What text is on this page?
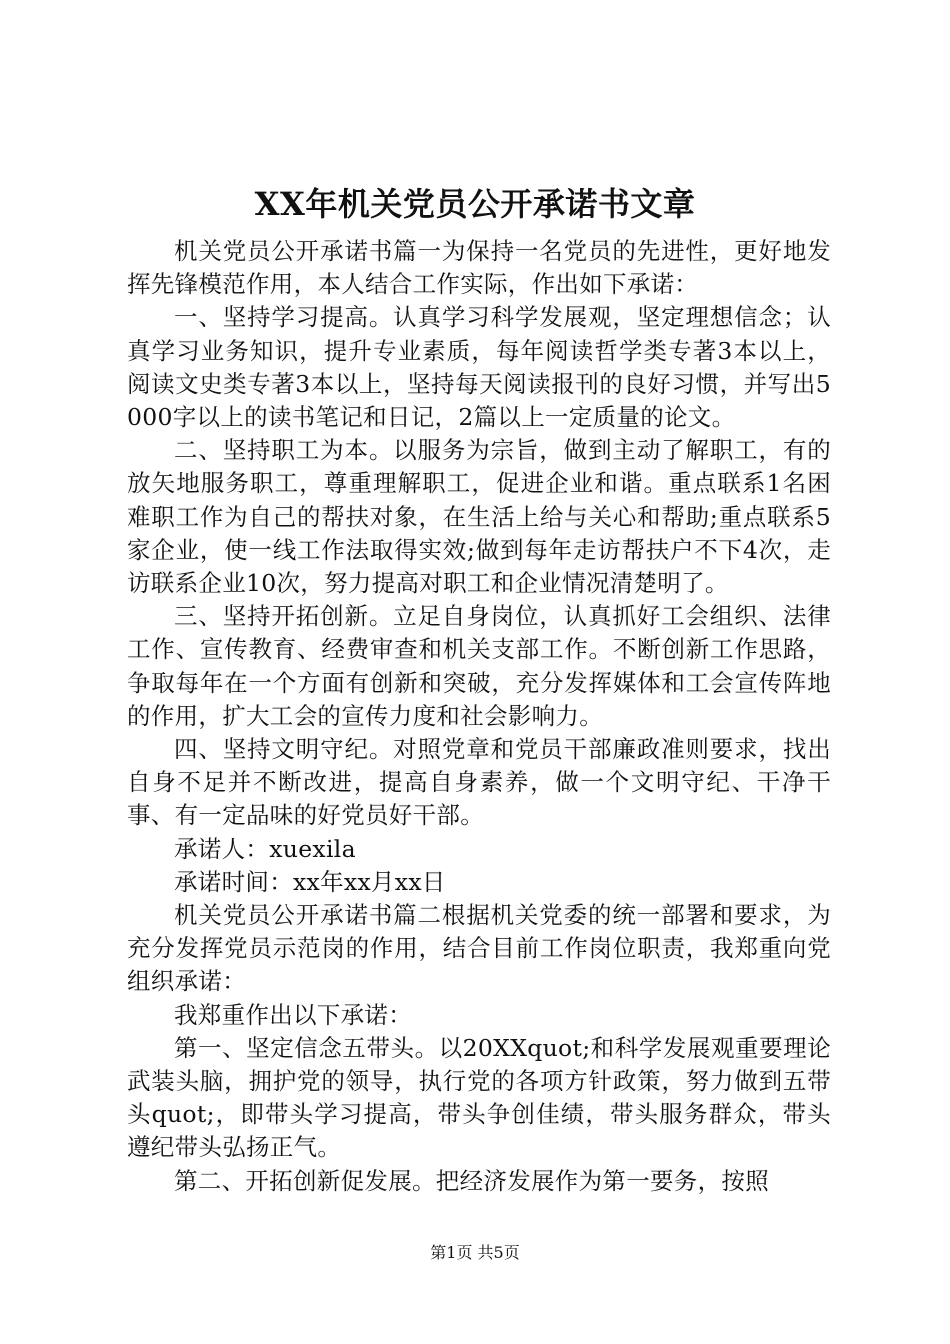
XX年机关党员公开承诺书文章

机关党员公开承诺书篇一为保持一名党员的先进性，更好地发挥先锋模范作用，本人结合工作实际，作出如下承诺：

一、坚持学习提高。认真学习科学发展观，坚定理想信念；认真学习业务知识，提升专业素质，每年阅读哲学类专著3本以上，阅读文史类专著3本以上，坚持每天阅读报刊的良好习惯，并写出5000字以上的读书笔记和日记，2篇以上一定质量的论文。

二、坚持职工为本。以服务为宗旨，做到主动了解职工，有的放矢地服务职工，尊重理解职工，促进企业和谐。重点联系1名困难职工作为自己的帮扶对象，在生活上给与关心和帮助;重点联系5家企业，使一线工作法取得实效;做到每年走访帮扶户不下4次，走访联系企业10次，努力提高对职工和企业情况清楚明了。

三、坚持开拓创新。立足自身岗位，认真抓好工会组织、法律工作、宣传教育、经费审查和机关支部工作。不断创新工作思路，争取每年在一个方面有创新和突破，充分发挥媒体和工会宣传阵地的作用，扩大工会的宣传力度和社会影响力。

四、坚持文明守纪。对照党章和党员干部廉政准则要求，找出自身不足并不断改进，提高自身素养，做一个文明守纪、干净干事、有一定品味的好党员好干部。

承诺人：xuexila

承诺时间：xx年xx月xx日

机关党员公开承诺书篇二根据机关党委的统一部署和要求，为充分发挥党员示范岗的作用，结合目前工作岗位职责，我郑重向党组织承诺：

我郑重作出以下承诺：

第一、坚定信念五带头。以20XXquot;和科学发展观重要理论武装头脑，拥护党的领导，执行党的各项方针政策，努力做到五带头quot;，即带头学习提高，带头争创佳绩，带头服务群众，带头遵纪带头弘扬正气。

第二、开拓创新促发展。把经济发展作为第一要务，按照

第1页 共5页
